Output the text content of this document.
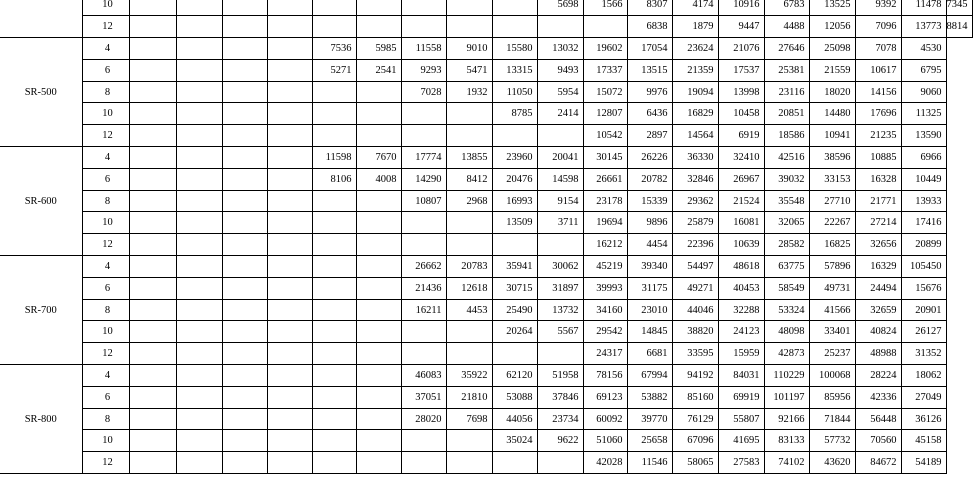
	10										5698	1566	8307	4174	10916	6783	13525	9392	11478	7345
	12												6838	1879	9447	4488	12056	7096	13773	8814
SR-500	4					7536	5985	11558	9010	15580	13032	19602	17054	23624	21076	27646	25098	7078	4530	
	6					5271	2541	9293	5471	13315	9493	17337	13515	21359	17537	25381	21559	10617	6795	
	8							7028	1932	11050	5954	15072	9976	19094	13998	23116	18020	14156	9060	
	10									8785	2414	12807	6436	16829	10458	20851	14480	17696	11325	
	12											10542	2897	14564	6919	18586	10941	21235	13590	
SR-600	4					11598	7670	17774	13855	23960	20041	30145	26226	36330	32410	42516	38596	10885	6966	
	6					8106	4008	14290	8412	20476	14598	26661	20782	32846	26967	39032	33153	16328	10449	
	8							10807	2968	16993	9154	23178	15339	29362	21524	35548	27710	21771	13933	
	10									13509	3711	19694	9896	25879	16081	32065	22267	27214	17416	
	12											16212	4454	22396	10639	28582	16825	32656	20899	
SR-700	4							26662	20783	35941	30062	45219	39340	54497	48618	63775	57896	16329	105450	
	6							21436	12618	30715	31897	39993	31175	49271	40453	58549	49731	24494	15676	
	8							16211	4453	25490	13732	34160	23010	44046	32288	53324	41566	32659	20901	
	10									20264	5567	29542	14845	38820	24123	48098	33401	40824	26127	
	12											24317	6681	33595	15959	42873	25237	48988	31352	
SR-800	4							46083	35922	62120	51958	78156	67994	94192	84031	110229	100068	28224	18062	
	6							37051	21810	53088	37846	69123	53882	85160	69919	101197	85956	42336	27049	
	8							28020	7698	44056	23734	60092	39770	76129	55807	92166	71844	56448	36126	
	10									35024	9622	51060	25658	67096	41695	83133	57732	70560	45158	
	12											42028	11546	58065	27583	74102	43620	84672	54189	
